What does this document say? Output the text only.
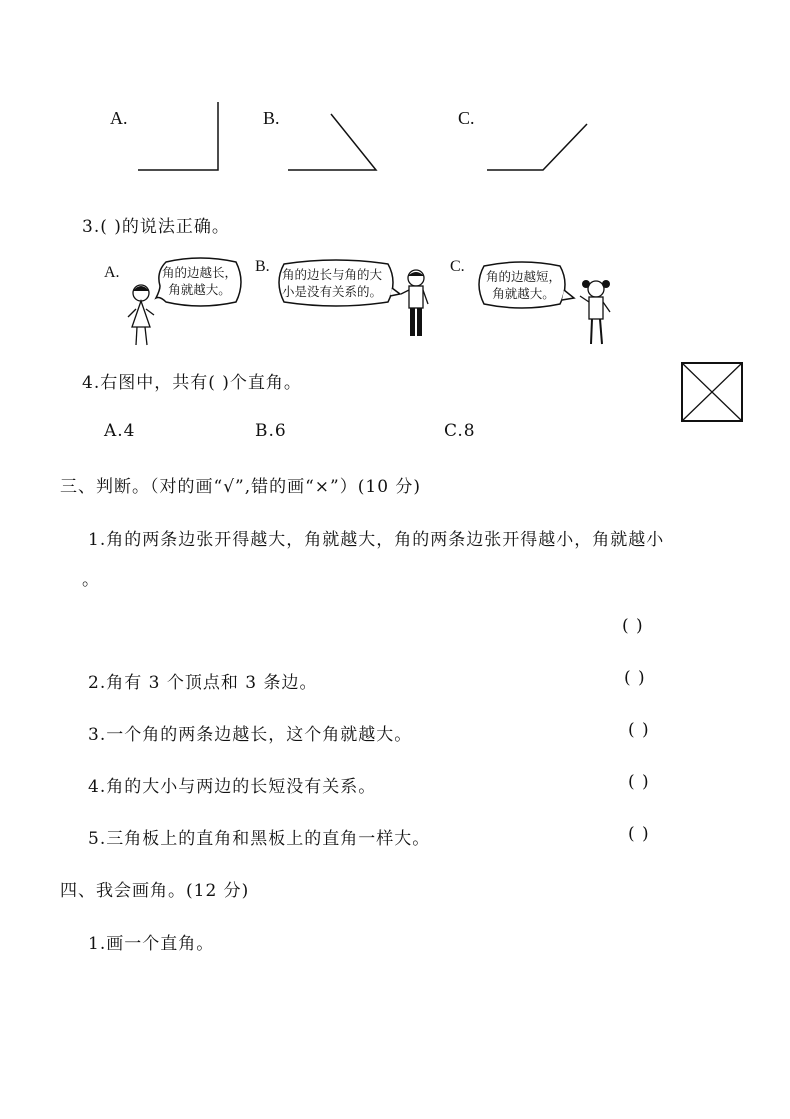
A.	B.	C.
3.( )的说法正确。
A.	角的边越长，
角就越大。
B. 角的边长与角的大
小是没有关系的。
C.
角的边越短，
角就越大。
4.右图中，共有( )个直角。
A.4	B.6	C.8
三、判断。（对的画“√”,错的画“×”）(10 分)
1.角的两条边张开得越大，角就越大，角的两条边张开得越小，角就越小
。
( )
2.角有 3 个顶点和 3 条边。	( )
3.一个角的两条边越长，这个角就越大。	( )
4.角的大小与两边的长短没有关系。	( )
5.三角板上的直角和黑板上的直角一样大。	( )
四、我会画角。(12 分)
1.画一个直角。
